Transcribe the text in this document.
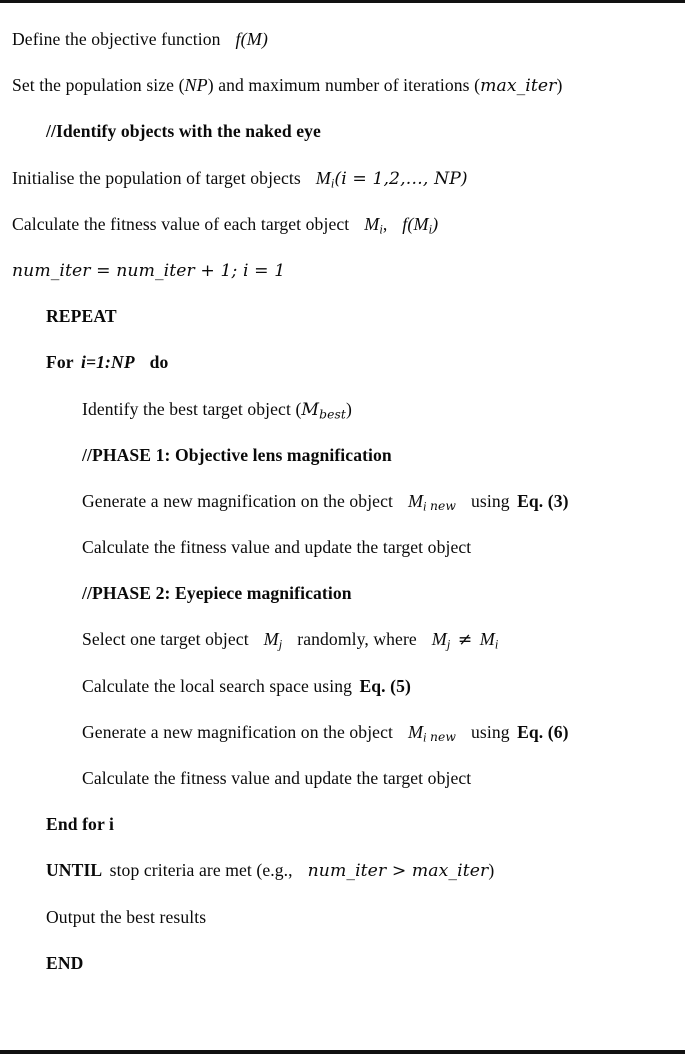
Define the objective function f(M)
Set the population size (NP) and maximum number of iterations (max_iter)
//Identify objects with the naked eye
Initialise the population of target objects $M_i(i$ = 1,2,…, NP)
Calculate the fitness value of each target object $M_i$, $f(M_i)$
num_iter = num_iter + 1; i = 1
REPEAT
For i=1:NP do
Identify the best target object $(M_{best})$
//PHASE 1: Objective lens magnification
Generate a new magnification on the object $M_i$ new using Eq. (3)
Calculate the fitness value and update the target object
//PHASE 2: Eyepiece magnification
Select one target object $M_j$ randomly, where $M_j \ne M_i$
Calculate the local search space using Eq. (5)
Generate a new magnification on the object $M_i$ new using Eq. (6)
Calculate the fitness value and update the target object
End for i
UNTIL stop criteria are met (e.g., num_iter > max_iter)
Output the best results
END
